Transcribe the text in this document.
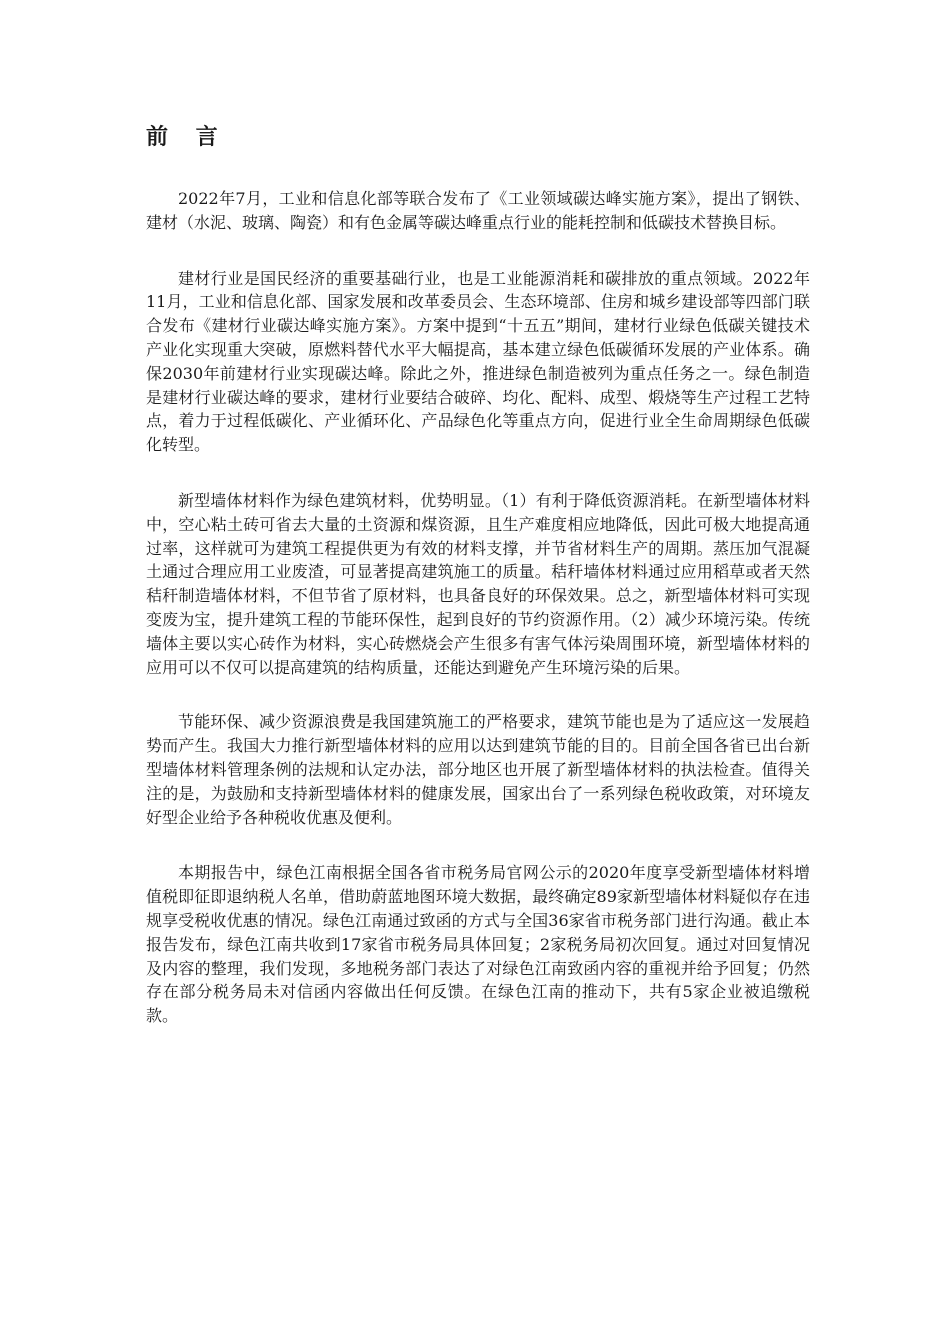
前 言

2022年7月，工业和信息化部等联合发布了《工业领域碳达峰实施方案》，提出了钢铁、建材（水泥、玻璃、陶瓷）和有色金属等碳达峰重点行业的能耗控制和低碳技术替换目标。

建材行业是国民经济的重要基础行业，也是工业能源消耗和碳排放的重点领域。2022年11月，工业和信息化部、国家发展和改革委员会、生态环境部、住房和城乡建设部等四部门联合发布《建材行业碳达峰实施方案》。方案中提到“十五五”期间，建材行业绿色低碳关键技术产业化实现重大突破，原燃料替代水平大幅提高，基本建立绿色低碳循环发展的产业体系。确保2030年前建材行业实现碳达峰。除此之外，推进绿色制造被列为重点任务之一。绿色制造是建材行业碳达峰的要求，建材行业要结合破碎、均化、配料、成型、煅烧等生产过程工艺特点，着力于过程低碳化、产业循环化、产品绿色化等重点方向，促进行业全生命周期绿色低碳化转型。

新型墙体材料作为绿色建筑材料，优势明显。（1）有利于降低资源消耗。在新型墙体材料中，空心粘土砖可省去大量的土资源和煤资源，且生产难度相应地降低，因此可极大地提高通过率，这样就可为建筑工程提供更为有效的材料支撑，并节省材料生产的周期。蒸压加气混凝土通过合理应用工业废渣，可显著提高建筑施工的质量。秸秆墙体材料通过应用稻草或者天然秸秆制造墙体材料，不但节省了原材料，也具备良好的环保效果。总之，新型墙体材料可实现变废为宝，提升建筑工程的节能环保性，起到良好的节约资源作用。（2）减少环境污染。传统墙体主要以实心砖作为材料，实心砖燃烧会产生很多有害气体污染周围环境，新型墙体材料的应用可以不仅可以提高建筑的结构质量，还能达到避免产生环境污染的后果。

节能环保、减少资源浪费是我国建筑施工的严格要求，建筑节能也是为了适应这一发展趋势而产生。我国大力推行新型墙体材料的应用以达到建筑节能的目的。目前全国各省已出台新型墙体材料管理条例的法规和认定办法，部分地区也开展了新型墙体材料的执法检查。值得关注的是，为鼓励和支持新型墙体材料的健康发展，国家出台了一系列绿色税收政策，对环境友好型企业给予各种税收优惠及便利。

本期报告中，绿色江南根据全国各省市税务局官网公示的2020年度享受新型墙体材料增值税即征即退纳税人名单，借助蔚蓝地图环境大数据，最终确定89家新型墙体材料疑似存在违规享受税收优惠的情况。绿色江南通过致函的方式与全国36家省市税务部门进行沟通。截止本报告发布，绿色江南共收到17家省市税务局具体回复；2家税务局初次回复。通过对回复情况及内容的整理，我们发现，多地税务部门表达了对绿色江南致函内容的重视并给予回复；仍然存在部分税务局未对信函内容做出任何反馈。在绿色江南的推动下，共有5家企业被追缴税款。
